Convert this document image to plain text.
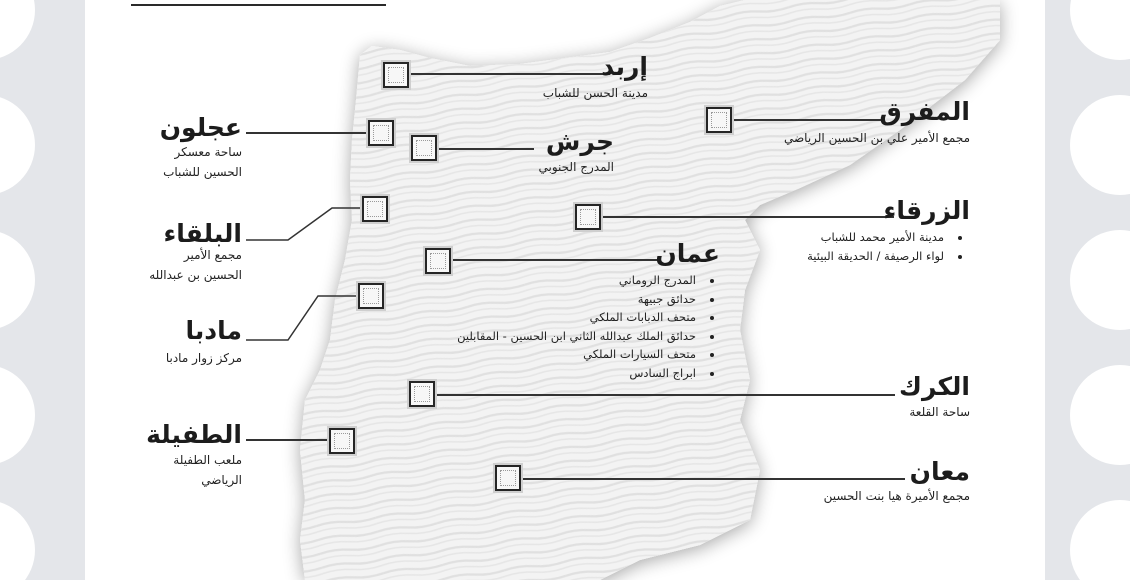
إربد
مدينة الحسن للشباب
عجلون
ساحة معسكر
الحسين للشباب
جرش
المدرج الجنوبي
المفرق
مجمع الأمير علي بن الحسين الرياضي
البلقاء
مجمع الأمير
الحسين بن عبدالله
الزرقاء
• مدينة الأمير محمد للشباب
• لواء الرصيفة / الحديقة البيئية
عمان
• المدرج الروماني
• حدائق جبيهة
• متحف الدبابات الملكي
• حدائق الملك عبدالله الثاني ابن الحسين - المقابلين
• متحف السيارات الملكي
• ابراج السادس
مادبا
مركز زوار مادبا
الكرك
ساحة القلعة
الطفيلة
ملعب الطفيلة
الرياضي	معان
مجمع الأميرة هيا بنت الحسين
